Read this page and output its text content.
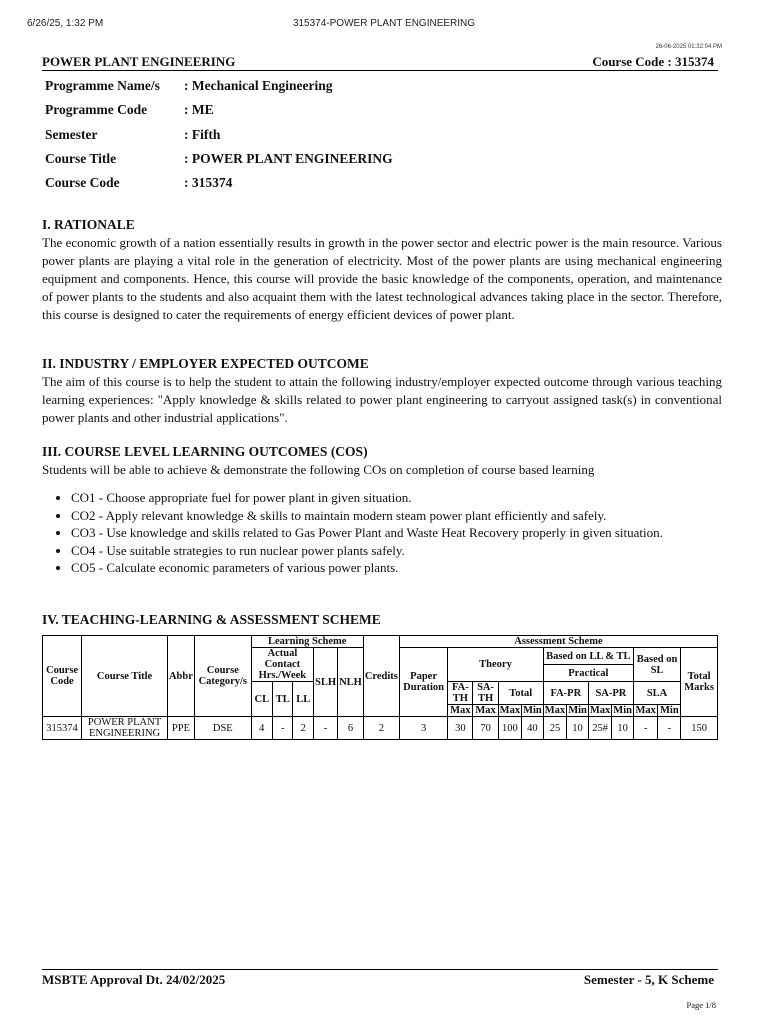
6/26/25, 1:32 PM	315374-POWER PLANT ENGINEERING
26-06-2025 01:32:04 PM
POWER PLANT ENGINEERING	Course Code : 315374
Programme Name/s	: Mechanical Engineering
Programme Code	: ME
Semester	: Fifth
Course Title	: POWER PLANT ENGINEERING
Course Code	: 315374
I. RATIONALE

The economic growth of a nation essentially results in growth in the power sector and electric power is the main resource. Various power plants are playing a vital role in the generation of electricity. Most of the power plants are using mechanical engineering equipment and components. Hence, this course will provide the basic knowledge of the components, operation, and maintenance of power plants to the students and also acquaint them with the latest technological advances taking place in the sector. Therefore, this course is designed to cater the requirements of energy efficient devices of power plant.

II. INDUSTRY / EMPLOYER EXPECTED OUTCOME

The aim of this course is to help the student to attain the following industry/employer expected outcome through various teaching learning experiences: "Apply knowledge & skills related to power plant engineering to carryout assigned task(s) in conventional power plants and other industrial applications".

III. COURSE LEVEL LEARNING OUTCOMES (COS)

Students will be able to achieve & demonstrate the following COs on completion of course based learning

• CO1 - Choose appropriate fuel for power plant in given situation.
• CO2 - Apply relevant knowledge & skills to maintain modern steam power plant efficiently and safely.
• CO3 - Use knowledge and skills related to Gas Power Plant and Waste Heat Recovery properly in given situation.
• CO4 - Use suitable strategies to run nuclear power plants safely.
• CO5 - Calculate economic parameters of various power plants.
IV. TEACHING-LEARNING & ASSESSMENT SCHEME
Course Code	Course Title	Abbr	Course Category/s	Learning Scheme					Credits	Assessment Scheme											
				Actual Contact Hrs./Week			SLH	NLH		Paper Duration	Theory				Based on LL & TL				Based on SL		Total Marks
															Practical						
				CL	TL	LL					FA-TH	SA-TH	Total		FA-PR		SA-PR		SLA		
											Max	Max	Max	Min	Max	Min	Max	Min	Max	Min	
315374	POWER PLANT ENGINEERING	PPE	DSE	4	-	2	-	6	2	3	30	70	100	40	25	10	25#	10	-	-	150
MSBTE Approval Dt. 24/02/2025	Semester - 5, K Scheme
Page 1/8
